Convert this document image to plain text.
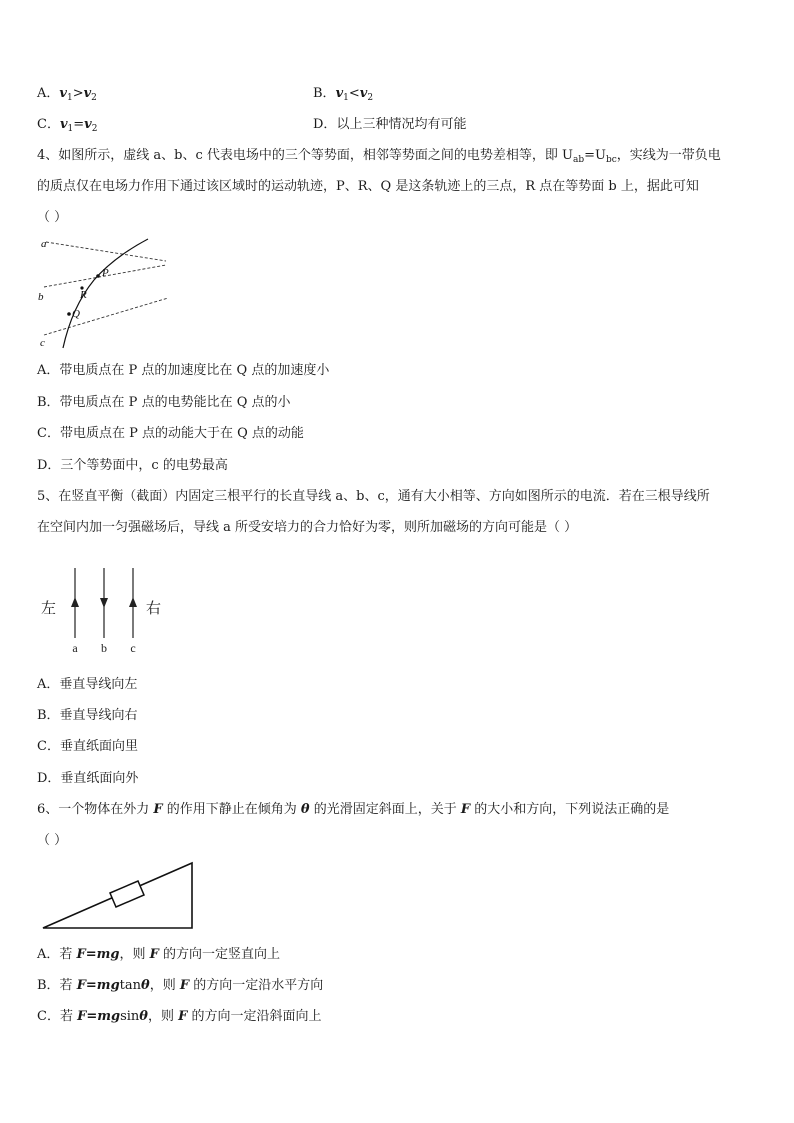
A．$v_1>v_2$	B．$v_1<v_2$
C．$v_1=v_2$	D．以上三种情况均有可能
4、如图所示，虚线 a、b、c 代表电场中的三个等势面，相邻等势面之间的电势差相等，即 $U_{ab}=U_{bc}$，实线为一带负电
的质点仅在电场力作用下通过该区域时的运动轨迹，P、R、Q 是这条轨迹上的三点，R 点在等势面 b 上，据此可知
（ ）
a
b
c
P
R
Q
A．带电质点在 P 点的加速度比在 Q 点的加速度小
B．带电质点在 P 点的电势能比在 Q 点的小
C．带电质点在 P 点的动能大于在 Q 点的动能
D．三个等势面中，c 的电势最高
5、在竖直平衡（截面）内固定三根平行的长直导线 a、b、c，通有大小相等、方向如图所示的电流．若在三根导线所
在空间内加一匀强磁场后，导线 a 所受安培力的合力恰好为零，则所加磁场的方向可能是（ ）
左	右
a b c
A．垂直导线向左
B．垂直导线向右
C．垂直纸面向里
D．垂直纸面向外
6、一个物体在外力 F 的作用下静止在倾角为 θ 的光滑固定斜面上，关于 F 的大小和方向，下列说法正确的是
（ ）
A．若 F=mg，则 F 的方向一定竖直向上
B．若 F=mgtanθ，则 F 的方向一定沿水平方向
C．若 F=mgsinθ，则 F 的方向一定沿斜面向上
